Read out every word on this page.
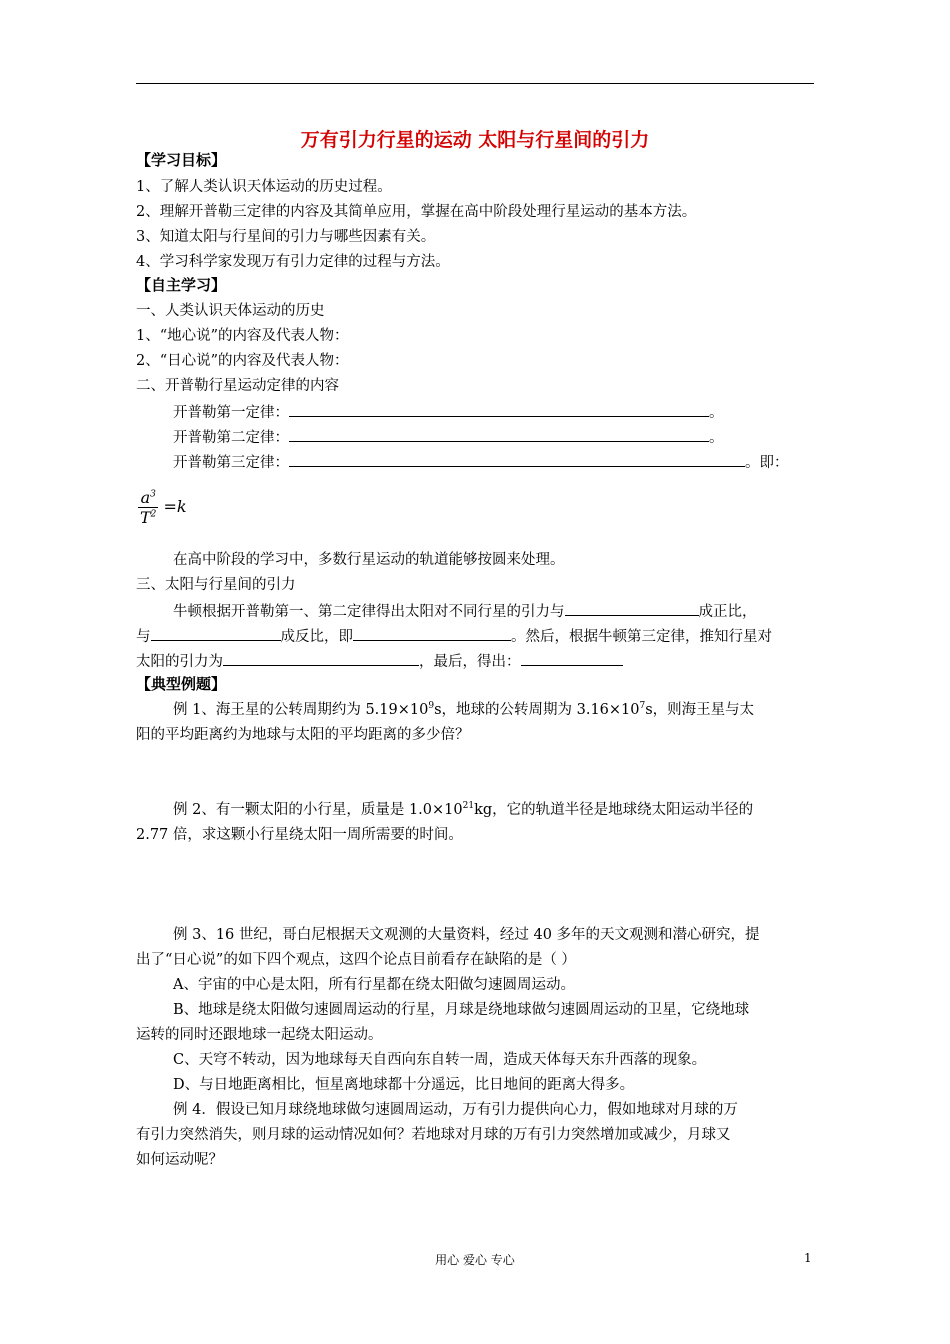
万有引力行星的运动 太阳与行星间的引力
【学习目标】
1、了解人类认识天体运动的历史过程。
2、理解开普勒三定律的内容及其简单应用，掌握在高中阶段处理行星运动的基本方法。
3、知道太阳与行星间的引力与哪些因素有关。
4、学习科学家发现万有引力定律的过程与方法。
【自主学习】
一、人类认识天体运动的历史
1、“地心说”的内容及代表人物：
2、“日心说”的内容及代表人物：
二、开普勒行星运动定律的内容
开普勒第一定律：	。
开普勒第二定律：	。
开普勒第三定律：	。即：
$\frac{a^3}{T^2} =k$
在高中阶段的学习中，多数行星运动的轨道能够按圆来处理。
三、太阳与行星间的引力
牛顿根据开普勒第一、第二定律得出太阳对不同行星的引力与	成正比，
与	成反比，即	。然后，根据牛顿第三定律，推知行星对
太阳的引力为	，最后，得出：
【典型例题】
例 1、海王星的公转周期约为 $5.19\times 10^9s$，地球的公转周期为 $3.16\times 10^7s$，则海王星与太
阳的平均距离约为地球与太阳的平均距离的多少倍？
例 2、有一颗太阳的小行星，质量是 $1.0\times 10^{21}kg$，它的轨道半径是地球绕太阳运动半径的
2.77 倍，求这颗小行星绕太阳一周所需要的时间。
例 3、16 世纪，哥白尼根据天文观测的大量资料，经过 40 多年的天文观测和潜心研究，提
出了“日心说”的如下四个观点，这四个论点目前看存在缺陷的是（ ）
A、宇宙的中心是太阳，所有行星都在绕太阳做匀速圆周运动。
B、地球是绕太阳做匀速圆周运动的行星，月球是绕地球做匀速圆周运动的卫星，它绕地球
运转的同时还跟地球一起绕太阳运动。
C、天穹不转动，因为地球每天自西向东自转一周，造成天体每天东升西落的现象。
D、与日地距离相比，恒星离地球都十分遥远，比日地间的距离大得多。
例 4．假设已知月球绕地球做匀速圆周运动，万有引力提供向心力，假如地球对月球的万
有引力突然消失，则月球的运动情况如何？若地球对月球的万有引力突然增加或减少，月球又
如何运动呢？
用心 爱心 专心	1
